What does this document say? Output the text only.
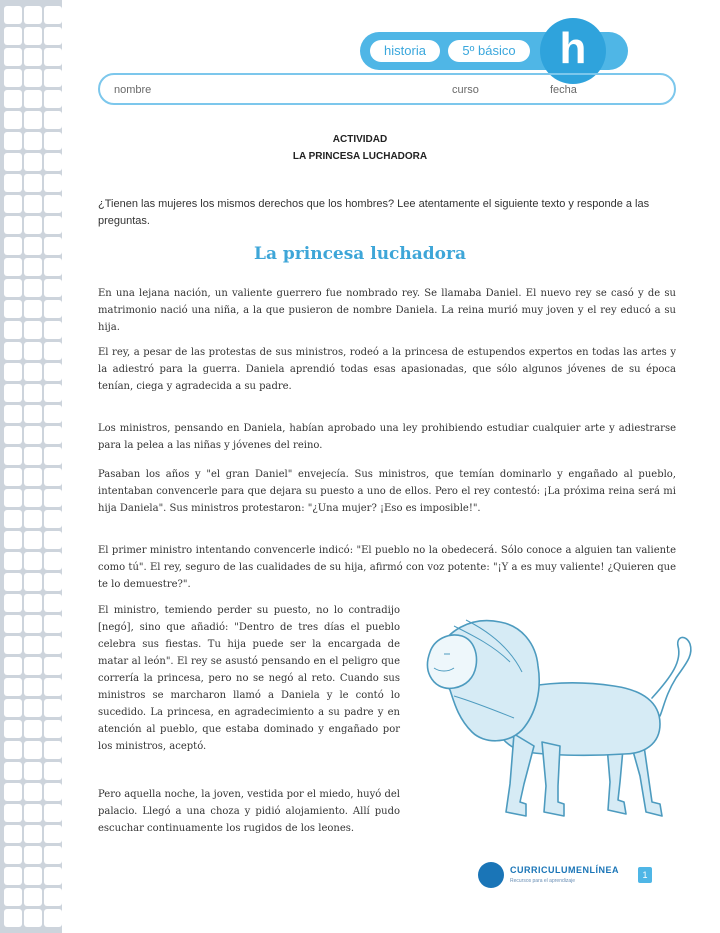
historia	5º básico h
nombre	curso	fecha
ACTIVIDAD
LA PRINCESA LUCHADORA
¿Tienen las mujeres los mismos derechos que los hombres? Lee atentamente el siguiente texto y responde a las preguntas.
La princesa luchadora

En una lejana nación, un valiente guerrero fue nombrado rey. Se llamaba Daniel. El nuevo rey se casó y de su matrimonio nació una niña, a la que pusieron de nombre Daniela. La reina murió muy joven y el rey educó a su hija.

El rey, a pesar de las protestas de sus ministros, rodeó a la princesa de estupendos expertos en todas las artes y la adiestró para la guerra. Daniela aprendió todas esas apasionadas, que sólo algunos jóvenes de su época tenían, ciega y agradecida a su padre.

Los ministros, pensando en Daniela, habían aprobado una ley prohibiendo estudiar cualquier arte y adiestrarse para la pelea a las niñas y jóvenes del reino.

Pasaban los años y "el gran Daniel" envejecía. Sus ministros, que temían dominarlo y engañado al pueblo, intentaban convencerle para que dejara su puesto a uno de ellos. Pero el rey contestó: ¡La próxima reina será mi hija Daniela". Sus ministros protestaron: "¿Una mujer? ¡Eso es imposible!".

El primer ministro intentando convencerle indicó: "El pueblo no la obedecerá. Sólo conoce a alguien tan valiente como tú". El rey, seguro de las cualidades de su hija, afirmó con voz potente: "¡Y a es muy valiente! ¿Quieren que te lo demuestre?".

El ministro, temiendo perder su puesto, no lo contradijo [negó], sino que añadió: "Dentro de tres días el pueblo celebra sus fiestas. Tu hija puede ser la encargada de matar al león". El rey se asustó pensando en el peligro que correría la princesa, pero no se negó al reto. Cuando sus ministros se marcharon llamó a Daniela y le contó lo sucedido. La princesa, en agradecimiento a su padre y en atención al pueblo, que estaba dominado y engañado por los ministros, aceptó.

Pero aquella noche, la joven, vestida por el miedo, huyó del palacio. Llegó a una choza y pidió alojamiento. Allí pudo escuchar continuamente los rugidos de los leones.

CURRICULUMENLÍNEA
Recursos para el aprendizaje
1
